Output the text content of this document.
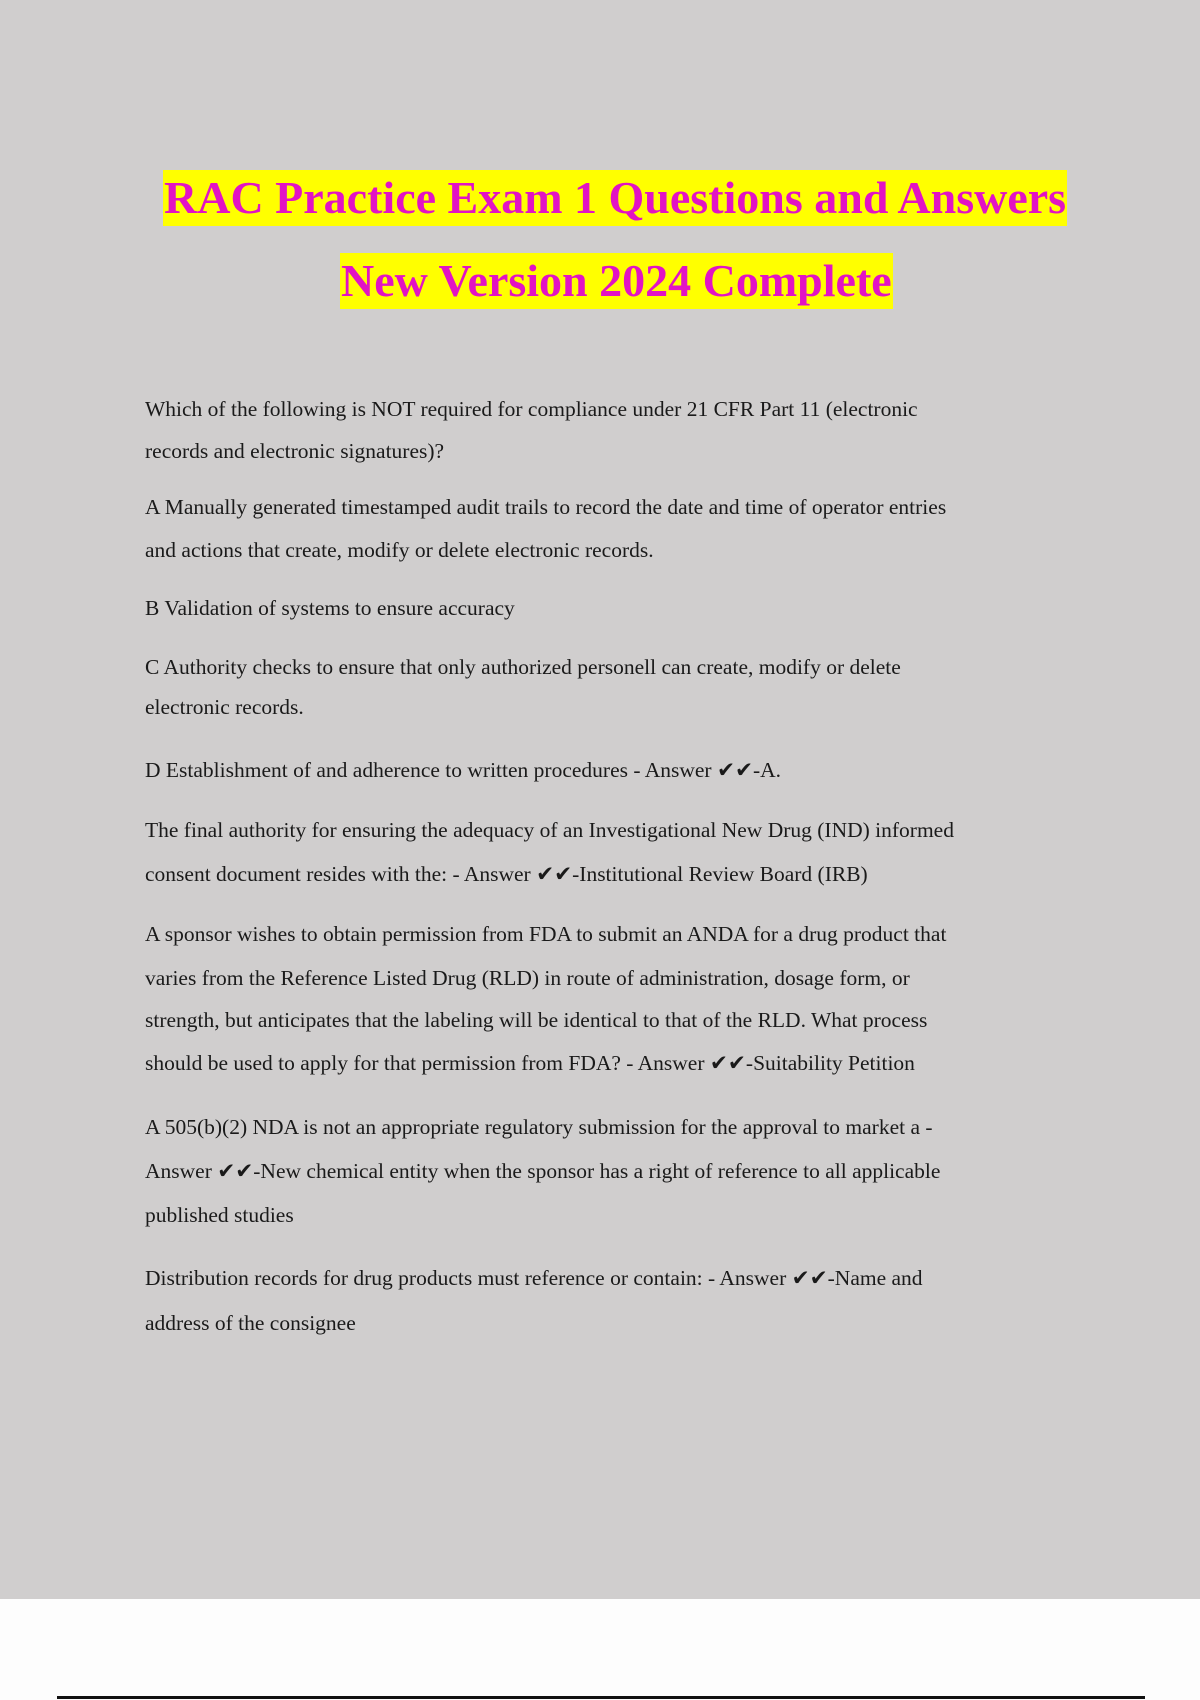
RAC Practice Exam 1 Questions and Answers
New Version 2024 Complete
Which of the following is NOT required for compliance under 21 CFR Part 11 (electronic
records and electronic signatures)?
A Manually generated timestamped audit trails to record the date and time of operator entries
and actions that create, modify or delete electronic records.
B Validation of systems to ensure accuracy
C Authority checks to ensure that only authorized personell can create, modify or delete
electronic records.
D Establishment of and adherence to written procedures - Answer ✔✔-A.
The final authority for ensuring the adequacy of an Investigational New Drug (IND) informed
consent document resides with the: - Answer ✔✔-Institutional Review Board (IRB)
A sponsor wishes to obtain permission from FDA to submit an ANDA for a drug product that
varies from the Reference Listed Drug (RLD) in route of administration, dosage form, or
strength, but anticipates that the labeling will be identical to that of the RLD. What process
should be used to apply for that permission from FDA? - Answer ✔✔-Suitability Petition
A 505(b)(2) NDA is not an appropriate regulatory submission for the approval to market a -
Answer ✔✔-New chemical entity when the sponsor has a right of reference to all applicable
published studies
Distribution records for drug products must reference or contain: - Answer ✔✔-Name and
address of the consignee
